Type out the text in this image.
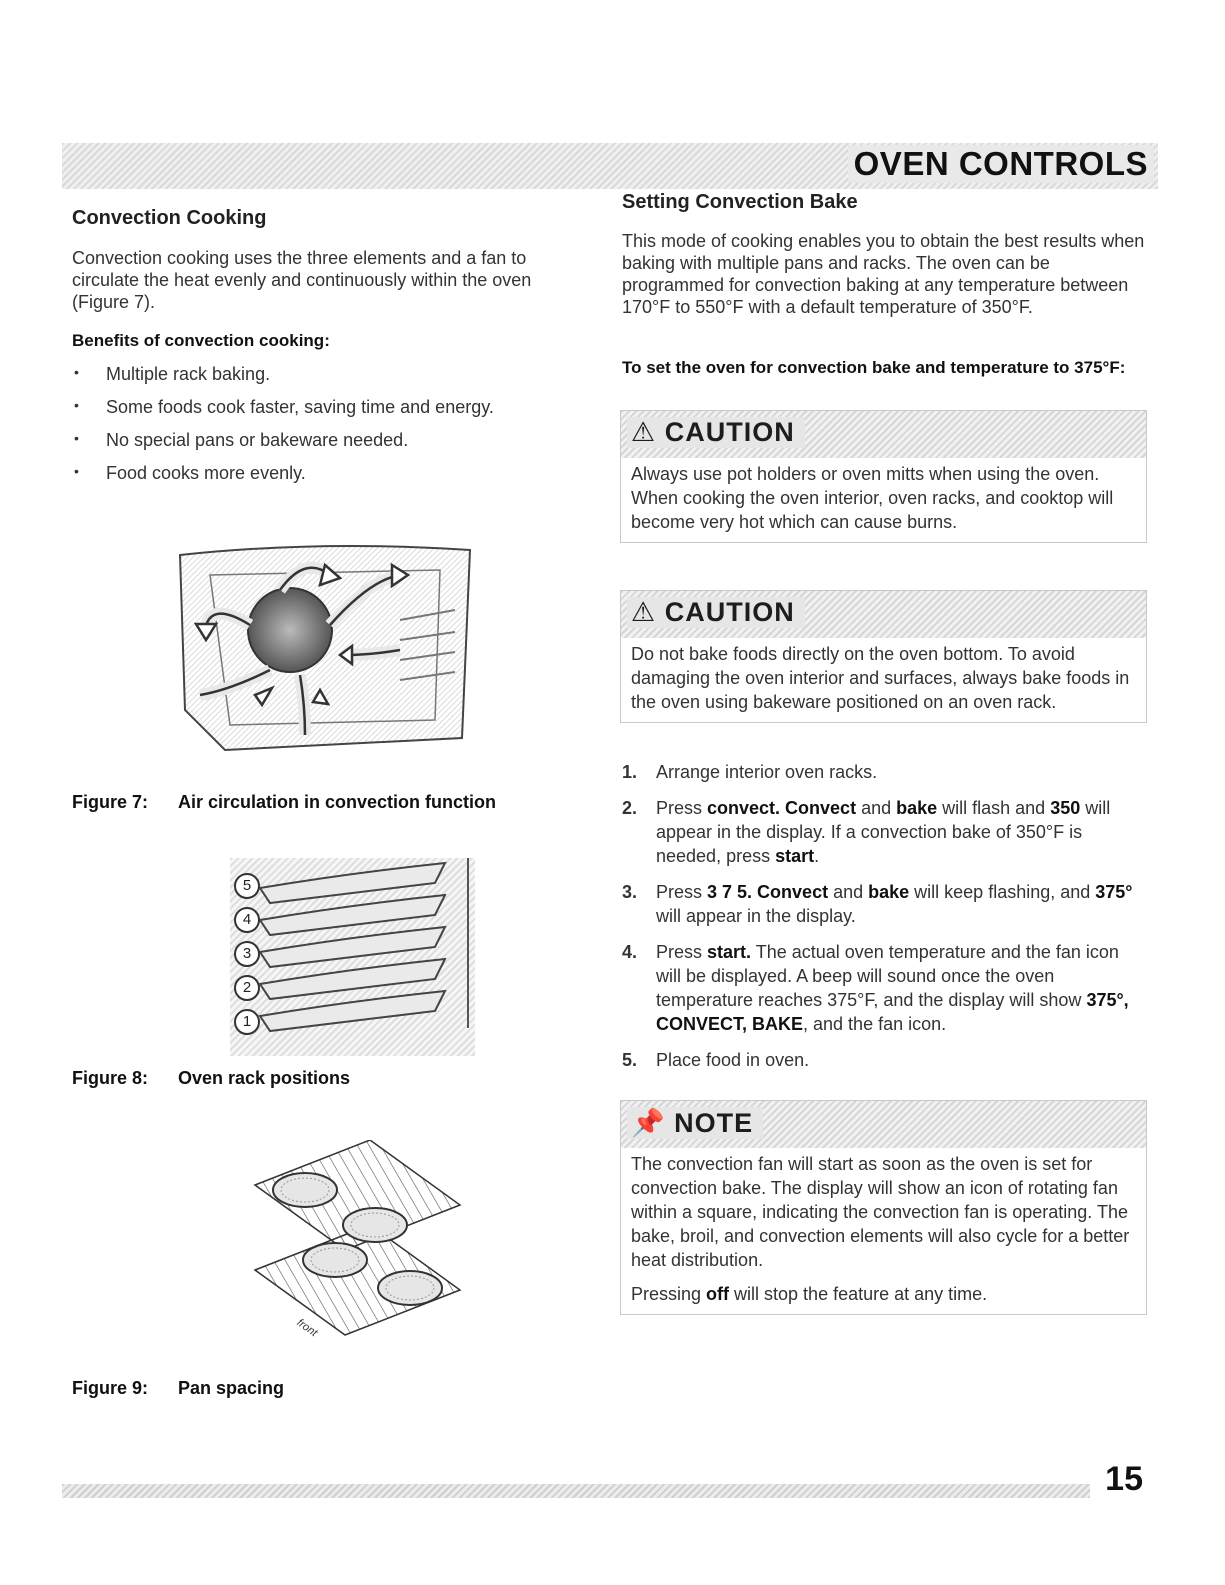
OVEN CONTROLS
Convection Cooking

Convection cooking uses the three elements and a fan to circulate the heat evenly and continuously within the oven (Figure 7).

Benefits of convection cooking:

• Multiple rack baking.
• Some foods cook faster, saving time and energy.
• No special pans or bakeware needed.
• Food cooks more evenly.

Figure 7: Air circulation in convection function

5
4
3
2
1

Figure 8: Oven rack positions

front

Figure 9: Pan spacing

Setting Convection Bake

This mode of cooking enables you to obtain the best results when baking with multiple pans and racks. The oven can be programmed for convection baking at any temperature between 170°F to 550°F with a default temperature of 350°F.

To set the oven for convection bake and temperature to 375°F:

⚠ CAUTION
Always use pot holders or oven mitts when using the oven. When cooking the oven interior, oven racks, and cooktop will become very hot which can cause burns.
⚠ CAUTION
Do not bake foods directly on the oven bottom. To avoid damaging the oven interior and surfaces, always bake foods in the oven using bakeware positioned on an oven rack.
1. Arrange interior oven racks.
2. Press convect. Convect and bake will flash and 350 will appear in the display. If a convection bake of 350°F is needed, press start.
3. Press 3 7 5. Convect and bake will keep flashing, and 375° will appear in the display.
4. Press start. The actual oven temperature and the fan icon will be displayed. A beep will sound once the oven temperature reaches 375°F, and the display will show 375°, CONVECT, BAKE, and the fan icon.
5. Place food in oven.
📌 NOTE

The convection fan will start as soon as the oven is set for convection bake. The display will show an icon of rotating fan within a square, indicating the convection fan is operating. The bake, broil, and convection elements will also cycle for a better heat distribution.

Pressing off will stop the feature at any time.

15
